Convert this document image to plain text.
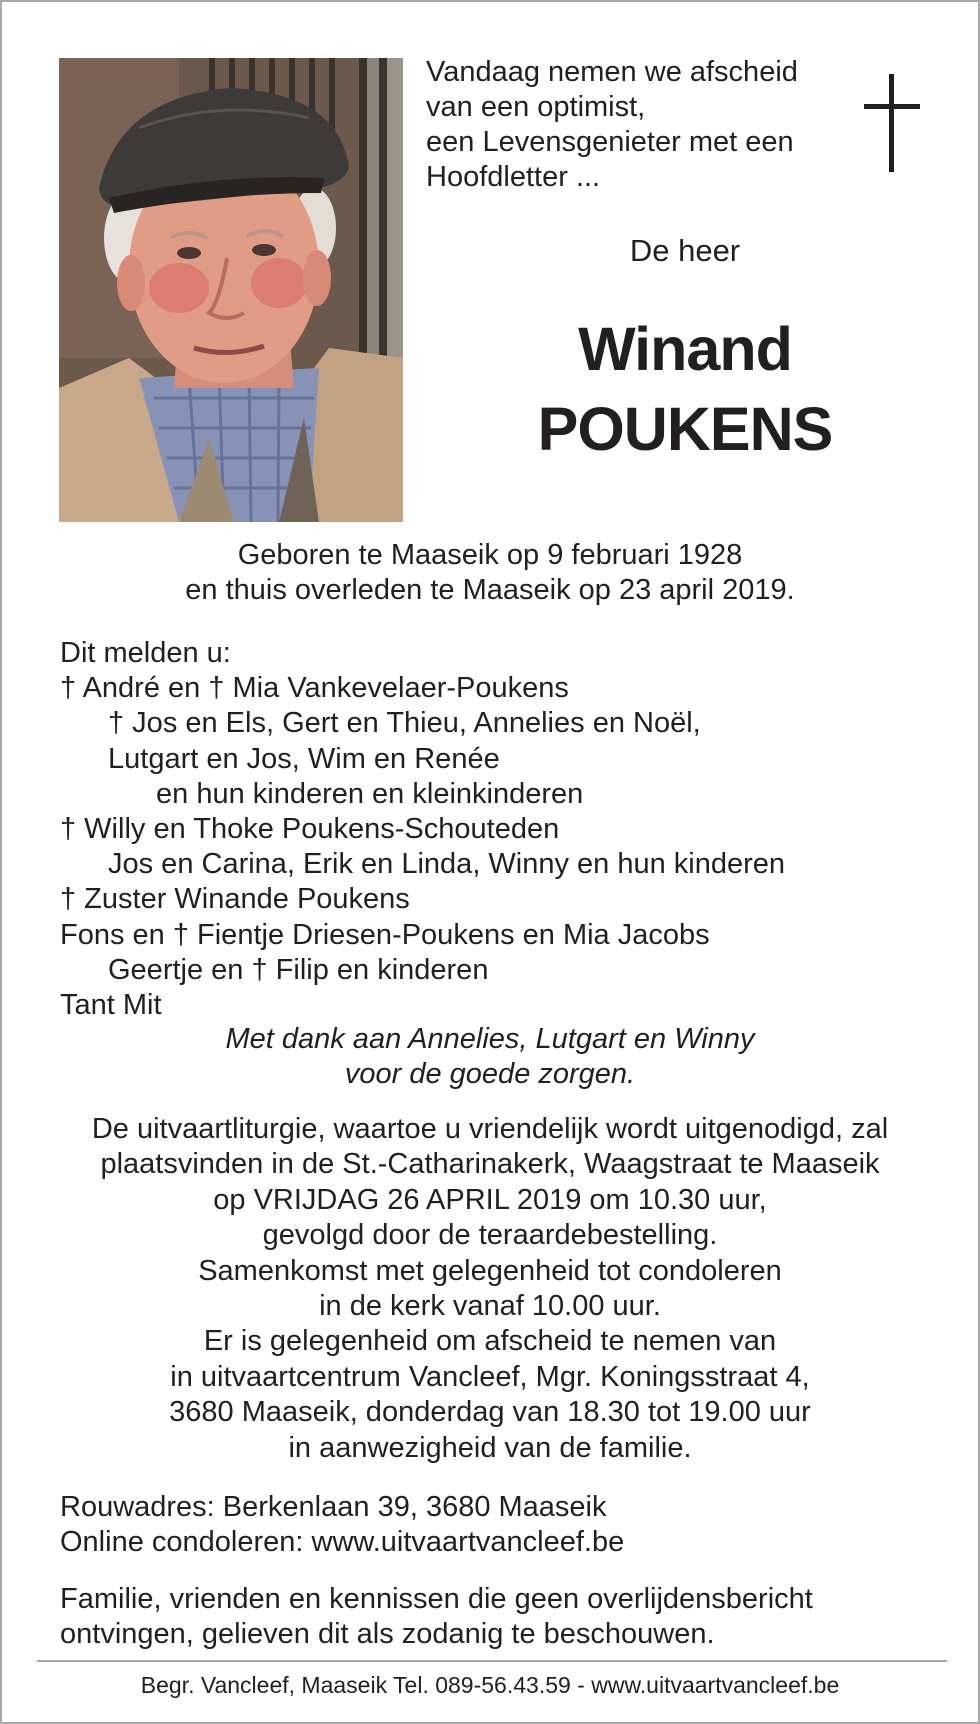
Vandaag nemen we afscheid
van een optimist,
een Levensgenieter met een
Hoofdletter ...
De heer
Winand
POUKENS
Geboren te Maaseik op 9 februari 1928
en thuis overleden te Maaseik op 23 april 2019.
Dit melden u:
† André en † Mia Vankevelaer-Poukens
† Jos en Els, Gert en Thieu, Annelies en Noël,
Lutgart en Jos, Wim en Renée
en hun kinderen en kleinkinderen
† Willy en Thoke Poukens-Schouteden
Jos en Carina, Erik en Linda, Winny en hun kinderen
† Zuster Winande Poukens
Fons en † Fientje Driesen-Poukens en Mia Jacobs
Geertje en † Filip en kinderen
Tant Mit
Met dank aan Annelies, Lutgart en Winny
voor de goede zorgen.
De uitvaartliturgie, waartoe u vriendelijk wordt uitgenodigd, zal
plaatsvinden in de St.-Catharinakerk, Waagstraat te Maaseik
op VRIJDAG 26 APRIL 2019 om 10.30 uur,
gevolgd door de teraardebestelling.
Samenkomst met gelegenheid tot condoleren
in de kerk vanaf 10.00 uur.
Er is gelegenheid om afscheid te nemen van
in uitvaartcentrum Vancleef, Mgr. Koningsstraat 4,
3680 Maaseik, donderdag van 18.30 tot 19.00 uur
in aanwezigheid van de familie.
Rouwadres: Berkenlaan 39, 3680 Maaseik
Online condoleren: www.uitvaartvancleef.be
Familie, vrienden en kennissen die geen overlijdensbericht
ontvingen, gelieven dit als zodanig te beschouwen.
Begr. Vancleef, Maaseik Tel. 089-56.43.59 - www.uitvaartvancleef.be
